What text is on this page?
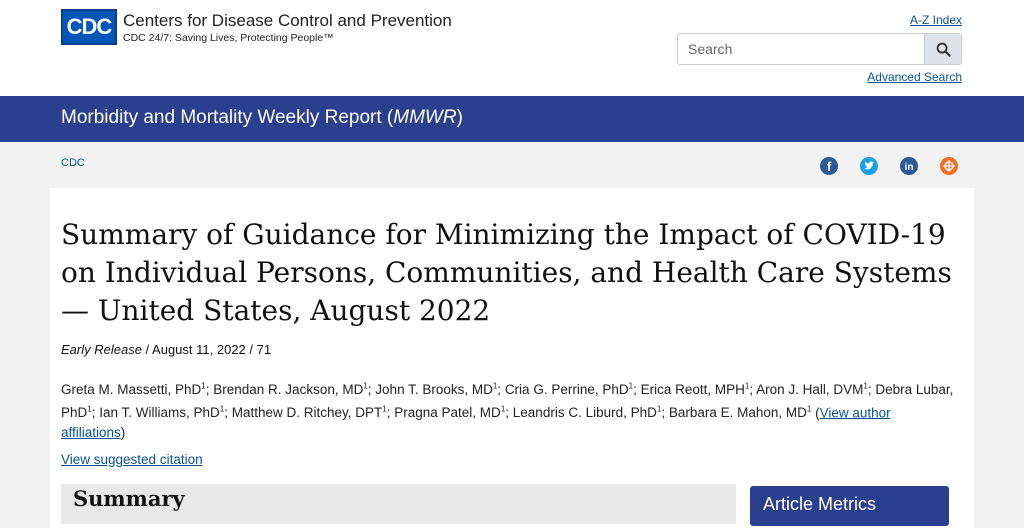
CDC Centers for Disease Control and Prevention
CDC 24/7: Saving Lives, Protecting People™
A-Z Index
Search
Advanced Search
Morbidity and Mortality Weekly Report (MMWR)
CDC	f	in
Summary of Guidance for Minimizing the Impact of COVID-19 on Individual Persons, Communities, and Health Care Systems — United States, August 2022
Early Release / August 11, 2022 / 71
Greta M. Massetti, PhD$^1$; Brendan R. Jackson, $MD^1$; John T. Brooks, $MD^1$; Cria G. Perrine, PhD$^1$; Erica Reott, MPH$^1$; Aron J. Hall, DVM$^1$; Debra Lubar, PhD$^1$; Ian T. Williams, PhD$^1$; Matthew D. Ritchey, DPT$^1$; Pragna Patel, $MD^1$; Leandris C. Liburd, PhD$^1$; Barbara E. Mahon, $MD^1$ (View author affiliations)
View suggested citation
Summary	Article Metrics
